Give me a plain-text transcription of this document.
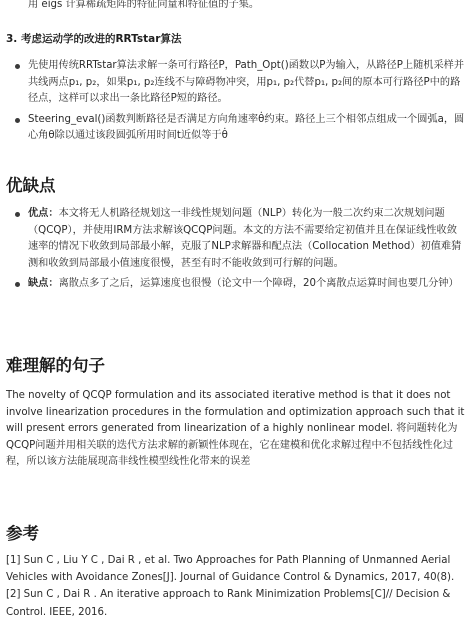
用 eigs 计算稀疏矩阵的特征向量和特征值的子集。

3. 考虑运动学的改进的RRTstar算法
先使用传统RRTstar算法求解一条可行路径P，Path_Opt()函数以P为输入，从路径P上随机采样并共线两点p₁, p₂，如果p₁, p₂连线不与障碍物冲突，用p₁, p₂代替p₁, p₂间的原本可行路径P中的路径点，这样可以求出一条比路径P短的路径。
Steering_eval()函数判断路径是否满足方向角速率θ̇约束。路径上三个相邻点组成一个圆弧a，圆心角θ除以通过该段圆弧所用时间t近似等于θ̇
优缺点
优点：本文将无人机路径规划这一非线性规划问题（NLP）转化为一般二次约束二次规划问题（QCQP），并使用IRM方法求解该QCQP问题。本文的方法不需要给定初值并且在保证线性收敛速率的情况下收敛到局部最小解，克服了NLP求解器和配点法（Collocation Method）初值难猜测和收敛到局部最小值速度很慢，甚至有时不能收敛到可行解的问题。
缺点：离散点多了之后，运算速度也很慢（论文中一个障碍，20个离散点运算时间也要几分钟）
难理解的句子

The novelty of QCQP formulation and its associated iterative method is that it does not involve linearization procedures in the formulation and optimization approach such that it will present errors generated from linearization of a highly nonlinear model. 将问题转化为QCQP问题并用相关联的迭代方法求解的新颖性体现在，它在建模和优化求解过程中不包括线性化过程，所以该方法能展现高非线性模型线性化带来的误差

参考
[1] Sun C , Liu Y C , Dai R , et al. Two Approaches for Path Planning of Unmanned Aerial Vehicles with Avoidance Zones[J]. Journal of Guidance Control & Dynamics, 2017, 40(8).
[2] Sun C , Dai R . An iterative approach to Rank Minimization Problems[C]// Decision & Control. IEEE, 2016.
